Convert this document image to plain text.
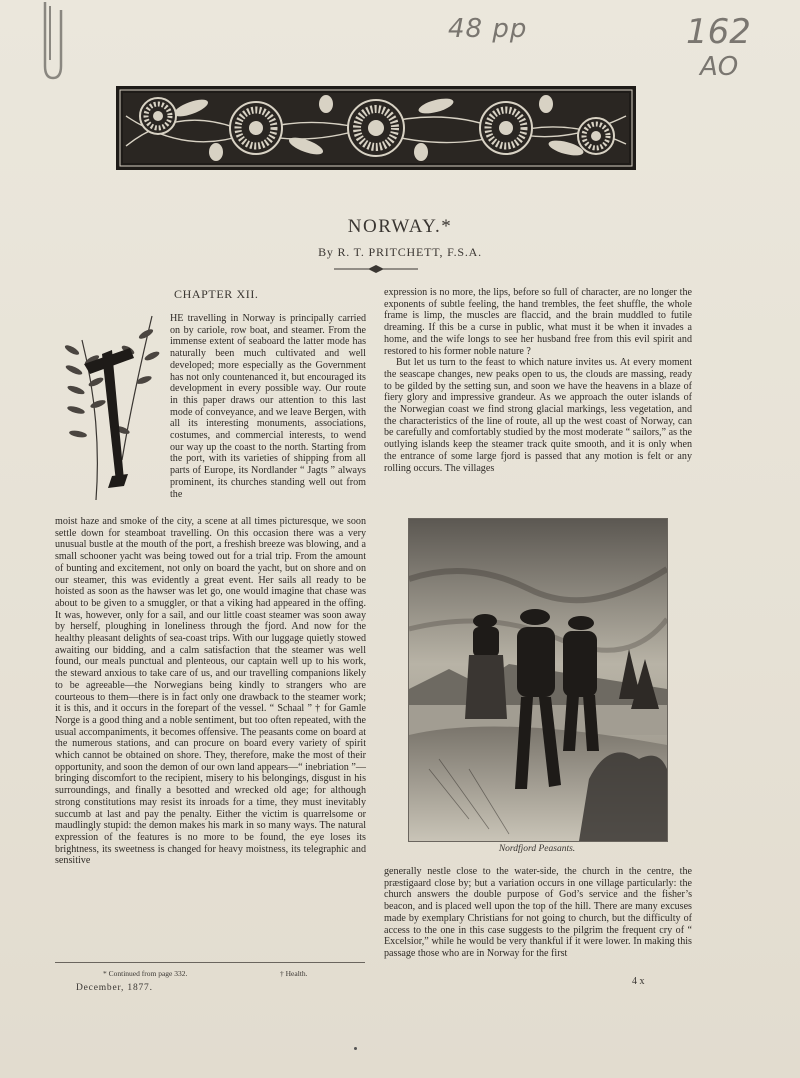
48 pp	162
AO
NORWAY.*
By R. T. PRITCHETT, F.S.A.
CHAPTER XII.

HE travelling in Norway is principally carried on by cariole, row boat, and steamer. From the immense extent of seaboard the latter mode has naturally been much cultivated and well developed; more especially as the Government has not only countenanced it, but encouraged its development in every possible way. Our route in this paper draws our attention to this last mode of conveyance, and we leave Bergen, with all its interesting monuments, associations, costumes, and commercial interests, to wend our way up the coast to the north. Starting from the port, with its varieties of shipping from all parts of Europe, its Nordlander “ Jagts ” always prominent, its churches standing well out from the

moist haze and smoke of the city, a scene at all times picturesque, we soon settle down for steamboat travelling. On this occasion there was a very unusual bustle at the mouth of the port, a freshish breeze was blowing, and a small schooner yacht was being towed out for a trial trip. From the amount of bunting and excitement, not only on board the yacht, but on shore and on our steamer, this was evidently a great event. Her sails all ready to be hoisted as soon as the hawser was let go, one would imagine that chase was about to be given to a smuggler, or that a viking had appeared in the offing. It was, however, only for a sail, and our little coast steamer was soon away by herself, ploughing in loneliness through the fjord. And now for the healthy pleasant delights of sea-coast trips. With our luggage quietly stowed awaiting our bidding, and a calm satisfaction that the steamer was well found, our meals punctual and plenteous, our captain well up to his work, the steward anxious to take care of us, and our travelling companions likely to be agreeable—the Norwegians being kindly to strangers who are courteous to them—there is in fact only one drawback to the steamer work; it is this, and it occurs in the forepart of the vessel. “ Schaal ” † for Gamle Norge is a good thing and a noble sentiment, but too often repeated, with the usual accompaniments, it becomes offensive. The peasants come on board at the numerous stations, and can procure on board every variety of spirit which cannot be obtained on shore. They, therefore, make the most of their opportunity, and soon the demon of our own land appears—“ inebriation ”—bringing discomfort to the recipient, misery to his belongings, disgust in his surroundings, and finally a besotted and wrecked old age; for although strong constitutions may resist its inroads for a time, they must inevitably succumb at last and pay the penalty. Either the victim is quarrelsome or maudlingly stupid: the demon makes his mark in so many ways. The natural expression of the features is no more to be found, the eye loses its brightness, its sweetness is changed for heavy moistness, its telegraphic and sensitive

expression is no more, the lips, before so full of character, are no longer the exponents of subtle feeling, the hand trembles, the feet shuffle, the whole frame is limp, the muscles are flaccid, and the brain muddled to futile dreaming. If this be a curse in public, what must it be when it invades a home, and the wife longs to see her husband free from this evil spirit and restored to his former noble nature ?

But let us turn to the feast to which nature invites us. At every moment the seascape changes, new peaks open to us, the clouds are massing, ready to be gilded by the setting sun, and soon we have the heavens in a blaze of fiery glory and impressive grandeur. As we approach the outer islands of the Norwegian coast we find strong glacial markings, less vegetation, and the characteristics of the line of route, all up the west coast of Norway, can be carefully and comfortably studied by the most moderate “ sailors,” as the outlying islands keep the steamer track quite smooth, and it is only when the entrance of some large fjord is passed that any motion is felt or any rolling occurs. The villages

Nordfjord Peasants.

generally nestle close to the water-side, the church in the centre, the præstigaard close by; but a variation occurs in one village particularly: the church answers the double purpose of God’s service and the fisher’s beacon, and is placed well upon the top of the hill. There are many excuses made by exemplary Christians for not going to church, but the difficulty of access to the one in this case suggests to the pilgrim the frequent cry of “ Excelsior,” while he would be very thankful if it were lower. In making this passage those who are in Norway for the first

* Continued from page 332.	† Health.
December, 1877.
4 x
